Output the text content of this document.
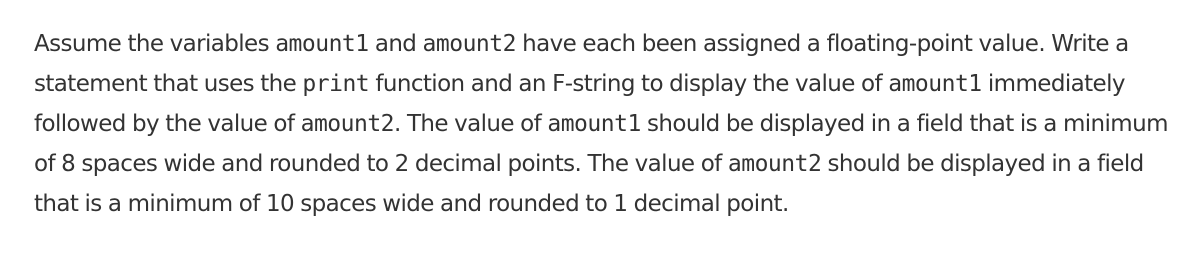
Assume the variables amount1 and amount2 have each been assigned a floating-point value. Write a statement that uses the print function and an F-string to display the value of amount1 immediately followed by the value of amount2. The value of amount1 should be displayed in a field that is a minimum of 8 spaces wide and rounded to 2 decimal points. The value of amount2 should be displayed in a field that is a minimum of 10 spaces wide and rounded to 1 decimal point.
